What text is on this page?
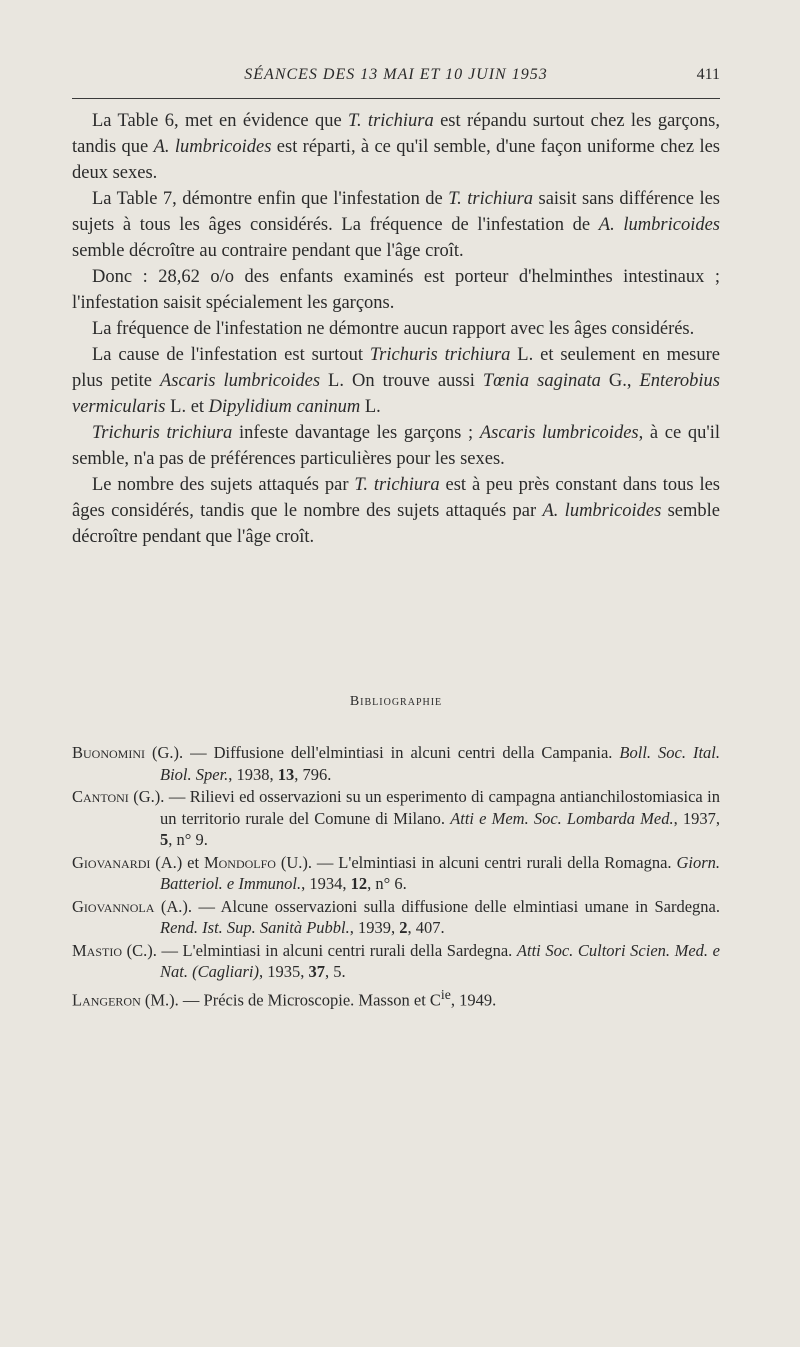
SÉANCES DES 13 MAI ET 10 JUIN 1953	411

La Table 6, met en évidence que T. trichiura est répandu surtout chez les garçons, tandis que A. lumbricoides est réparti, à ce qu'il semble, d'une façon uniforme chez les deux sexes.

La Table 7, démontre enfin que l'infestation de T. trichiura saisit sans différence les sujets à tous les âges considérés. La fréquence de l'infestation de A. lumbricoides semble décroître au contraire pendant que l'âge croît.

Donc : 28,62 o/o des enfants examinés est porteur d'helminthes intestinaux ; l'infestation saisit spécialement les garçons.

La fréquence de l'infestation ne démontre aucun rapport avec les âges considérés.

La cause de l'infestation est surtout Trichuris trichiura L. et seulement en mesure plus petite Ascaris lumbricoides L. On trouve aussi Tœnia saginata G., Enterobius vermicularis L. et Dipylidium caninum L.

Trichuris trichiura infeste davantage les garçons ; Ascaris lumbricoides, à ce qu'il semble, n'a pas de préférences particulières pour les sexes.

Le nombre des sujets attaqués par T. trichiura est à peu près constant dans tous les âges considérés, tandis que le nombre des sujets attaqués par A. lumbricoides semble décroître pendant que l'âge croît.

Bibliographie
Buonomini (G.). — Diffusione dell'elmintiasi in alcuni centri della Campania. Boll. Soc. Ital. Biol. Sper., 1938, 13, 796.
Cantoni (G.). — Rilievi ed osservazioni su un esperimento di campagna antianchilostomiasica in un territorio rurale del Comune di Milano. Atti e Mem. Soc. Lombarda Med., 1937, 5, n° 9.
Giovanardi (A.) et Mondolfo (U.). — L'elmintiasi in alcuni centri rurali della Romagna. Giorn. Batteriol. e Immunol., 1934, 12, n° 6.
Giovannola (A.). — Alcune osservazioni sulla diffusione delle elmintiasi umane in Sardegna. Rend. Ist. Sup. Sanità Pubbl., 1939, 2, 407.
Mastio (C.). — L'elmintiasi in alcuni centri rurali della Sardegna. Atti Soc. Cultori Scien. Med. e Nat. (Cagliari), 1935, 37, 5.
Langeron (M.). — Précis de Microscopie. Masson et $C^{ie}$, 1949.
